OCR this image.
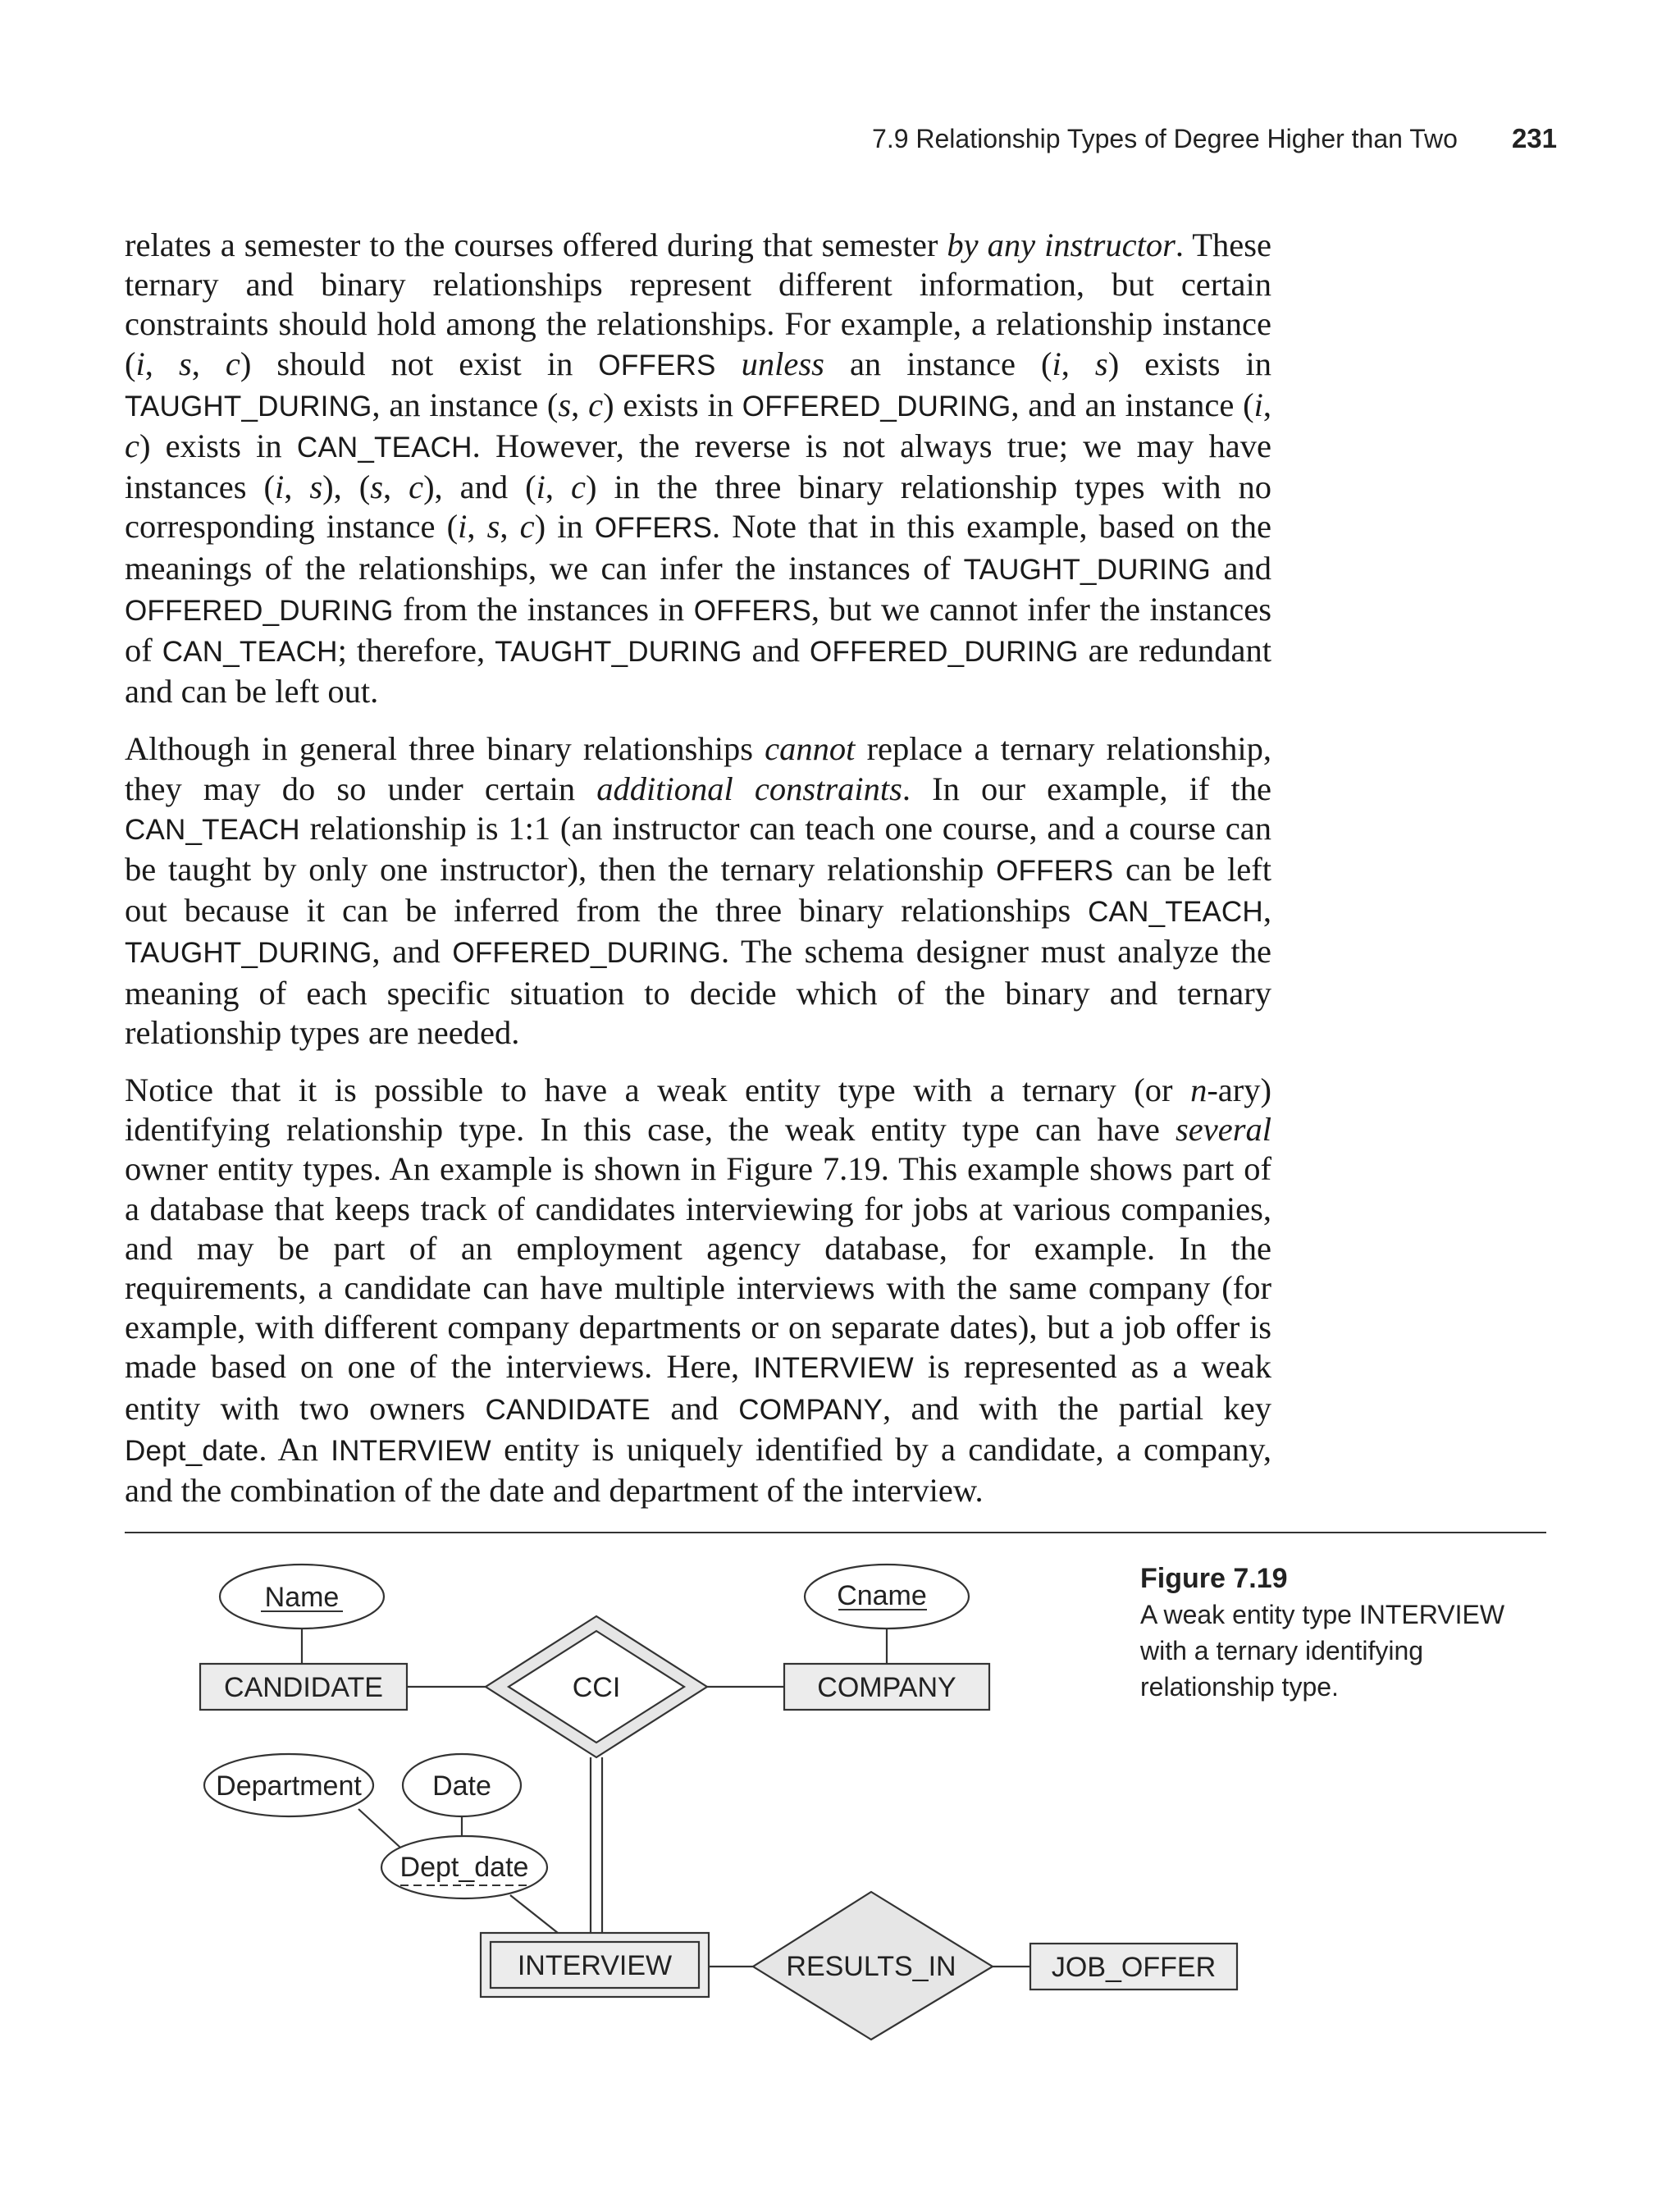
7.9 Relationship Types of Degree Higher than Two 231

relates a semester to the courses offered during that semester by any instructor. These ternary and binary relationships represent different information, but certain constraints should hold among the relationships. For example, a relationship instance (i, s, c) should not exist in OFFERS unless an instance (i, s) exists in TAUGHT_DURING, an instance (s, c) exists in OFFERED_DURING, and an instance (i, c) exists in CAN_TEACH. However, the reverse is not always true; we may have instances (i, s), (s, c), and (i, c) in the three binary relationship types with no corresponding instance (i, s, c) in OFFERS. Note that in this example, based on the meanings of the relationships, we can infer the instances of TAUGHT_DURING and OFFERED_DURING from the instances in OFFERS, but we cannot infer the instances of CAN_TEACH; therefore, TAUGHT_DURING and OFFERED_DURING are redundant and can be left out.

Although in general three binary relationships cannot replace a ternary relationship, they may do so under certain additional constraints. In our example, if the CAN_TEACH relationship is 1:1 (an instructor can teach one course, and a course can be taught by only one instructor), then the ternary relationship OFFERS can be left out because it can be inferred from the three binary relationships CAN_TEACH, TAUGHT_DURING, and OFFERED_DURING. The schema designer must analyze the meaning of each specific situation to decide which of the binary and ternary relationship types are needed.

Notice that it is possible to have a weak entity type with a ternary (or n-ary) identifying relationship type. In this case, the weak entity type can have several owner entity types. An example is shown in Figure 7.19. This example shows part of a database that keeps track of candidates interviewing for jobs at various companies, and may be part of an employment agency database, for example. In the requirements, a candidate can have multiple interviews with the same company (for example, with different company departments or on separate dates), but a job offer is made based on one of the interviews. Here, INTERVIEW is represented as a weak entity with two owners CANDIDATE and COMPANY, and with the partial key Dept_date. An INTERVIEW entity is uniquely identified by a candidate, a company, and the combination of the date and department of the interview.

Name	Cname
CANDIDATE	COMPANY
CCI
Department	Date
Dept_date
INTERVIEW	RESULTS_IN	JOB_OFFER
Figure 7.19
A weak entity type INTERVIEW with a ternary identifying relationship type.
